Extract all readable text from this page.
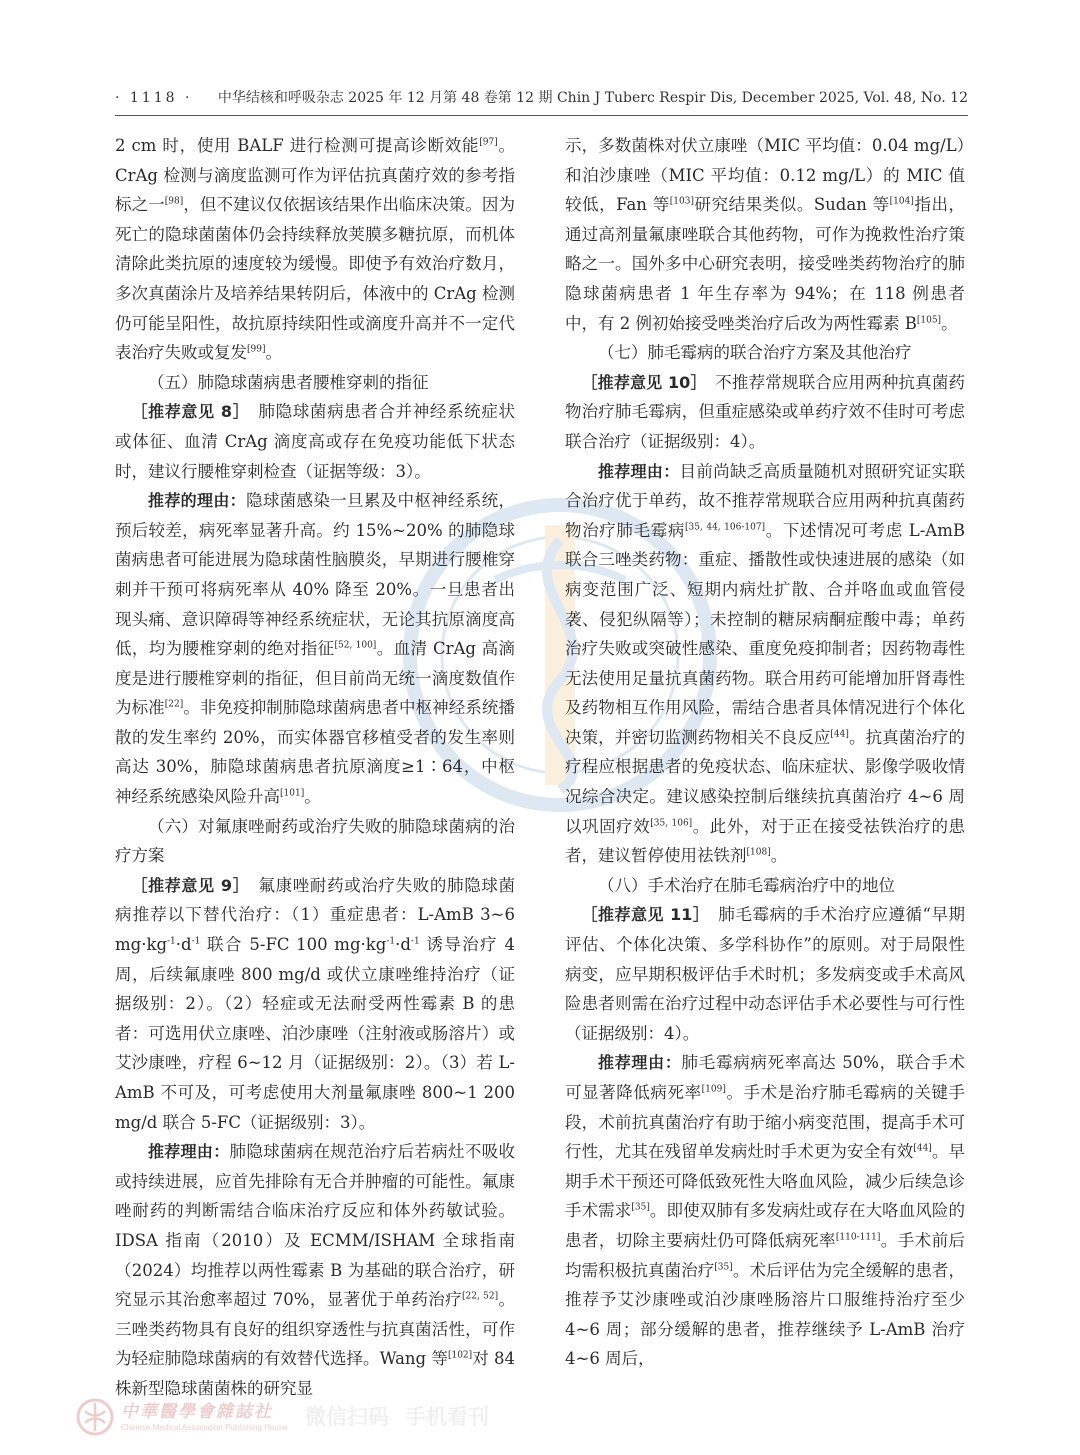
· 1118 · 中华结核和呼吸杂志 2025 年 12 月第 48 卷第 12 期 Chin J Tuberc Respir Dis, December 2025, Vol. 48, No. 12

2 cm 时，使用 BALF 进行检测可提高诊断效能[97]。CrAg 检测与滴度监测可作为评估抗真菌疗效的参考指标之一[98]，但不建议仅依据该结果作出临床决策。因为死亡的隐球菌菌体仍会持续释放荚膜多糖抗原，而机体清除此类抗原的速度较为缓慢。即使予有效治疗数月，多次真菌涂片及培养结果转阴后，体液中的 CrAg 检测仍可能呈阳性，故抗原持续阳性或滴度升高并不一定代表治疗失败或复发[99]。

（五）肺隐球菌病患者腰椎穿刺的指征

［推荐意见 8］　肺隐球菌病患者合并神经系统症状或体征、血清 CrAg 滴度高或存在免疫功能低下状态时，建议行腰椎穿刺检查（证据等级：3）。

推荐的理由：隐球菌感染一旦累及中枢神经系统，预后较差，病死率显著升高。约 15%~20% 的肺隐球菌病患者可能进展为隐球菌性脑膜炎，早期进行腰椎穿刺并干预可将病死率从 40% 降至 20%。一旦患者出现头痛、意识障碍等神经系统症状，无论其抗原滴度高低，均为腰椎穿刺的绝对指征[52, 100]。血清 CrAg 高滴度是进行腰椎穿刺的指征，但目前尚无统一滴度数值作为标准[22]。非免疫抑制肺隐球菌病患者中枢神经系统播散的发生率约 20%，而实体器官移植受者的发生率则高达 30%，肺隐球菌病患者抗原滴度≥1∶64，中枢神经系统感染风险升高[101]。

（六）对氟康唑耐药或治疗失败的肺隐球菌病的治疗方案

［推荐意见 9］　氟康唑耐药或治疗失败的肺隐球菌病推荐以下替代治疗：（1）重症患者：L-AmB 3~6 $mg\cdot kg^{-1}\cdot d^{-1}$ 联合 5-FC 100 $mg\cdot kg^{-1}\cdot d^{-1}$ 诱导治疗 4 周，后续氟康唑 800 mg/d 或伏立康唑维持治疗（证据级别：2）。（2）轻症或无法耐受两性霉素 B 的患者：可选用伏立康唑、泊沙康唑（注射液或肠溶片）或艾沙康唑，疗程 6~12 月（证据级别：2）。（3）若 L-AmB 不可及，可考虑使用大剂量氟康唑 800~1 200 mg/d 联合 5-FC（证据级别：3）。

推荐理由：肺隐球菌病在规范治疗后若病灶不吸收或持续进展，应首先排除有无合并肿瘤的可能性。氟康唑耐药的判断需结合临床治疗反应和体外药敏试验。IDSA 指南（2010）及 ECMM/ISHAM 全球指南（2024）均推荐以两性霉素 B 为基础的联合治疗，研究显示其治愈率超过 70%，显著优于单药治疗[22, 52]。三唑类药物具有良好的组织穿透性与抗真菌活性，可作为轻症肺隐球菌病的有效替代选择。Wang 等[102]对 84 株新型隐球菌菌株的研究显

示，多数菌株对伏立康唑（MIC 平均值：0.04 mg/L）和泊沙康唑（MIC 平均值：0.12 mg/L）的 MIC 值较低，Fan 等[103]研究结果类似。Sudan 等[104]指出，通过高剂量氟康唑联合其他药物，可作为挽救性治疗策略之一。国外多中心研究表明，接受唑类药物治疗的肺隐球菌病患者 1 年生存率为 94%；在 118 例患者中，有 2 例初始接受唑类治疗后改为两性霉素 B[105]。

（七）肺毛霉病的联合治疗方案及其他治疗

［推荐意见 10］　不推荐常规联合应用两种抗真菌药物治疗肺毛霉病，但重症感染或单药疗效不佳时可考虑联合治疗（证据级别：4）。

推荐理由：目前尚缺乏高质量随机对照研究证实联合治疗优于单药，故不推荐常规联合应用两种抗真菌药物治疗肺毛霉病[35, 44, 106-107]。下述情况可考虑 L-AmB 联合三唑类药物：重症、播散性或快速进展的感染（如病变范围广泛、短期内病灶扩散、合并咯血或血管侵袭、侵犯纵隔等）；未控制的糖尿病酮症酸中毒；单药治疗失败或突破性感染、重度免疫抑制者；因药物毒性无法使用足量抗真菌药物。联合用药可能增加肝肾毒性及药物相互作用风险，需结合患者具体情况进行个体化决策，并密切监测药物相关不良反应[44]。抗真菌治疗的疗程应根据患者的免疫状态、临床症状、影像学吸收情况综合决定。建议感染控制后继续抗真菌治疗 4~6 周以巩固疗效[35, 106]。此外，对于正在接受祛铁治疗的患者，建议暂停使用祛铁剂[108]。

（八）手术治疗在肺毛霉病治疗中的地位

［推荐意见 11］　肺毛霉病的手术治疗应遵循“早期评估、个体化决策、多学科协作”的原则。对于局限性病变，应早期积极评估手术时机；多发病变或手术高风险患者则需在治疗过程中动态评估手术必要性与可行性（证据级别：4）。

推荐理由：肺毛霉病病死率高达 50%，联合手术可显著降低病死率[109]。手术是治疗肺毛霉病的关键手段，术前抗真菌治疗有助于缩小病变范围，提高手术可行性，尤其在残留单发病灶时手术更为安全有效[44]。早期手术干预还可降低致死性大咯血风险，减少后续急诊手术需求[35]。即使双肺有多发病灶或存在大咯血风险的患者，切除主要病灶仍可降低病死率[110-111]。手术前后均需积极抗真菌治疗[35]。术后评估为完全缓解的患者，推荐予艾沙康唑或泊沙康唑肠溶片口服维持治疗至少 4~6 周；部分缓解的患者，推荐继续予 L-AmB 治疗 4~6 周后，

中華醫學會雜誌社
Chinese Medical Association Publishing House 微信扫码 手机看刊
